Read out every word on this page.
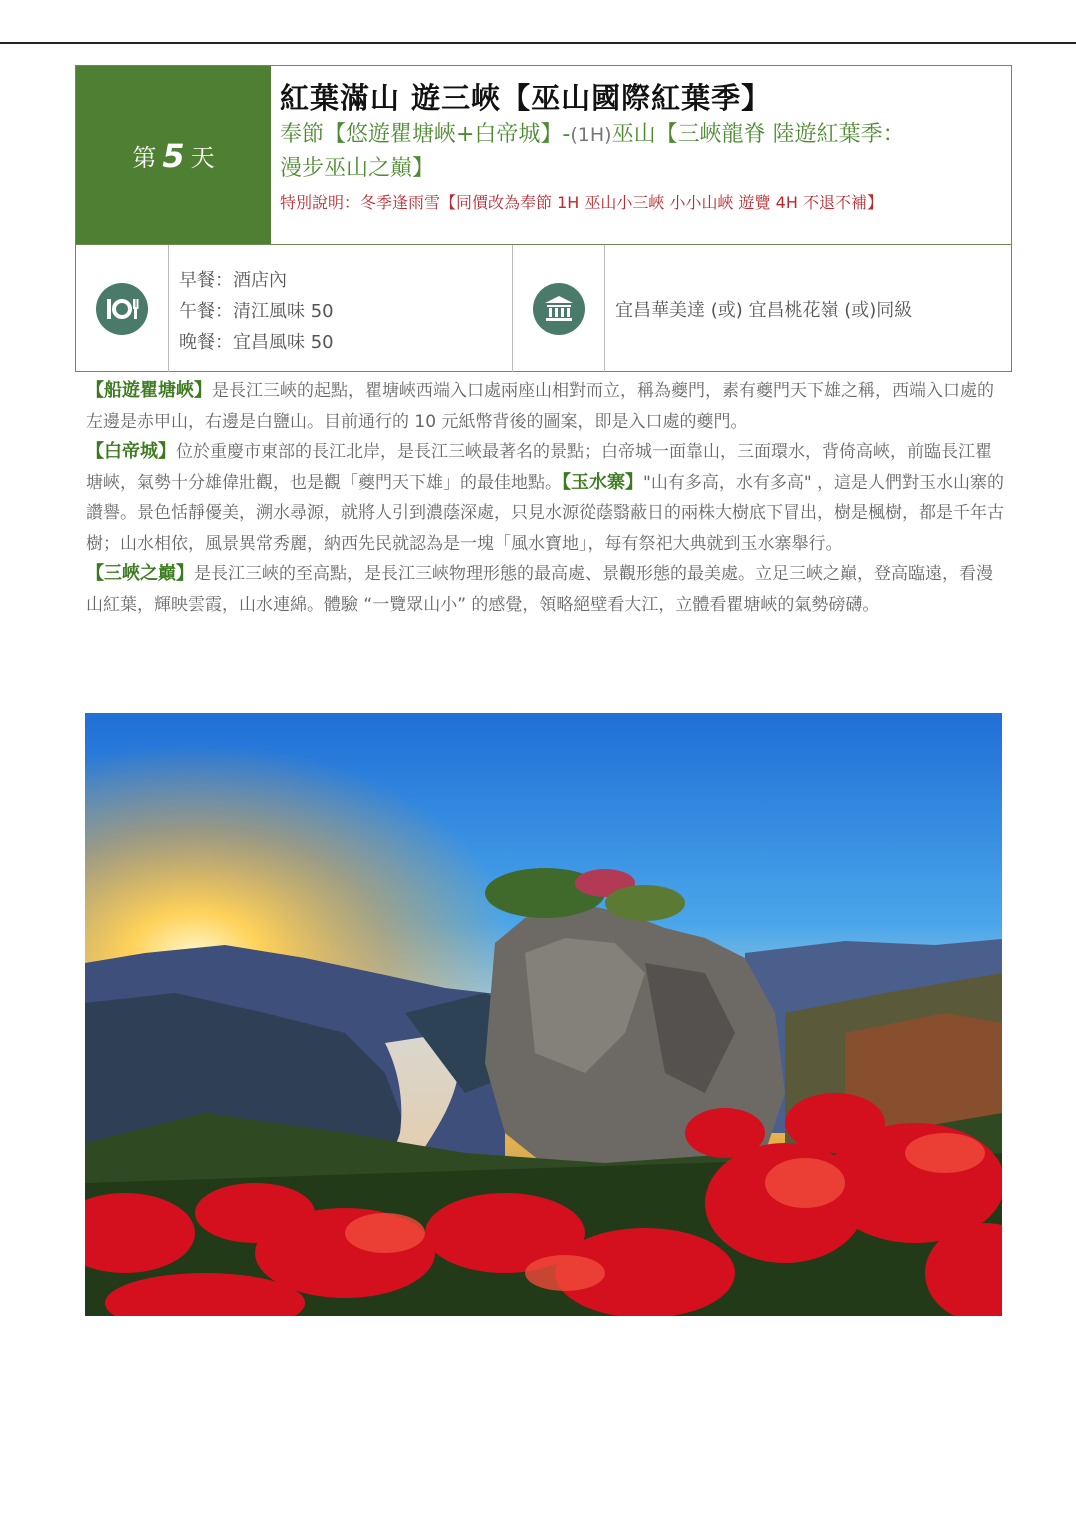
第 5 天
紅葉滿山 遊三峽【巫山國際紅葉季】
奉節【悠遊瞿塘峽+白帝城】-(1H)巫山【三峽龍脊 陸遊紅葉季：
漫步巫山之巔】
特別說明：冬季逢雨雪【同價改為奉節 1H 巫山小三峽 小小山峽 遊覽 4H 不退不補】
早餐：酒店內
午餐：清江風味 50
晚餐：宜昌風味 50
宜昌華美達 (或) 宜昌桃花嶺 (或)同級

【船遊瞿塘峽】是長江三峽的起點，瞿塘峽西端入口處兩座山相對而立，稱為夔門，素有夔門天下雄之稱，西端入口處的左邊是赤甲山，右邊是白鹽山。目前通行的 10 元紙幣背後的圖案，即是入口處的夔門。

【白帝城】位於重慶市東部的長江北岸，是長江三峽最著名的景點；白帝城一面靠山，三面環水，背倚高峽，前臨長江瞿塘峽，氣勢十分雄偉壯觀，也是觀「夔門天下雄」的最佳地點。【玉水寨】"山有多高，水有多高" ，這是人們對玉水山寨的讚譽。景色恬靜優美，溯水尋源，就將人引到濃蔭深處，只見水源從蔭翳蔽日的兩株大樹底下冒出，樹是楓樹，都是千年古樹；山水相依，風景異常秀麗，納西先民就認為是一塊「風水寶地」，每有祭祀大典就到玉水寨舉行。

【三峽之巔】是長江三峽的至高點，是長江三峽物理形態的最高處、景觀形態的最美處。立足三峽之巔，登高臨遠，看漫山紅葉，輝映雲霞，山水連綿。體驗 “一覽眾山小” 的感覺，領略絕壁看大江，立體看瞿塘峽的氣勢磅礴。
